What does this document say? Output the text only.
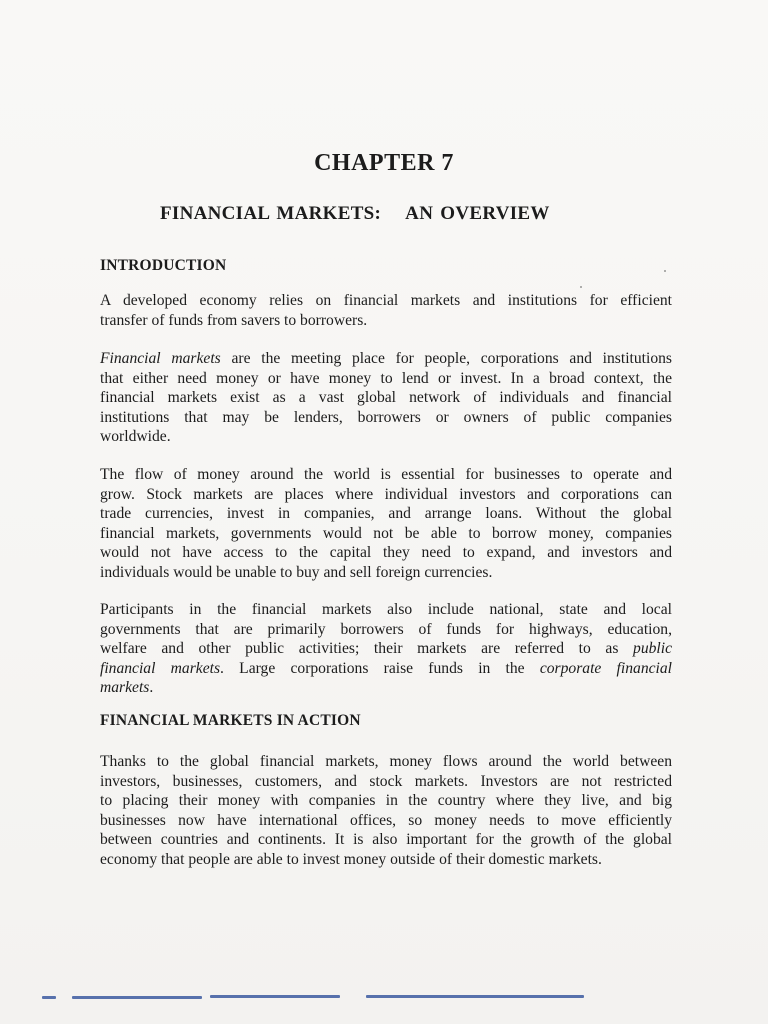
CHAPTER 7
FINANCIAL MARKETS: AN OVERVIEW
INTRODUCTION

A developed economy relies on financial markets and institutions for efficient
transfer of funds from savers to borrowers.

Financial markets are the meeting place for people, corporations and institutions
that either need money or have money to lend or invest. In a broad context, the
financial markets exist as a vast global network of individuals and financial
institutions that may be lenders, borrowers or owners of public companies
worldwide.

The flow of money around the world is essential for businesses to operate and
grow. Stock markets are places where individual investors and corporations can
trade currencies, invest in companies, and arrange loans. Without the global
financial markets, governments would not be able to borrow money, companies
would not have access to the capital they need to expand, and investors and
individuals would be unable to buy and sell foreign currencies.

Participants in the financial markets also include national, state and local
governments that are primarily borrowers of funds for highways, education,
welfare and other public activities; their markets are referred to as public
financial markets. Large corporations raise funds in the corporate financial
markets.

FINANCIAL MARKETS IN ACTION

Thanks to the global financial markets, money flows around the world between
investors, businesses, customers, and stock markets. Investors are not restricted
to placing their money with companies in the country where they live, and big
businesses now have international offices, so money needs to move efficiently
between countries and continents. It is also important for the growth of the global
economy that people are able to invest money outside of their domestic markets.
